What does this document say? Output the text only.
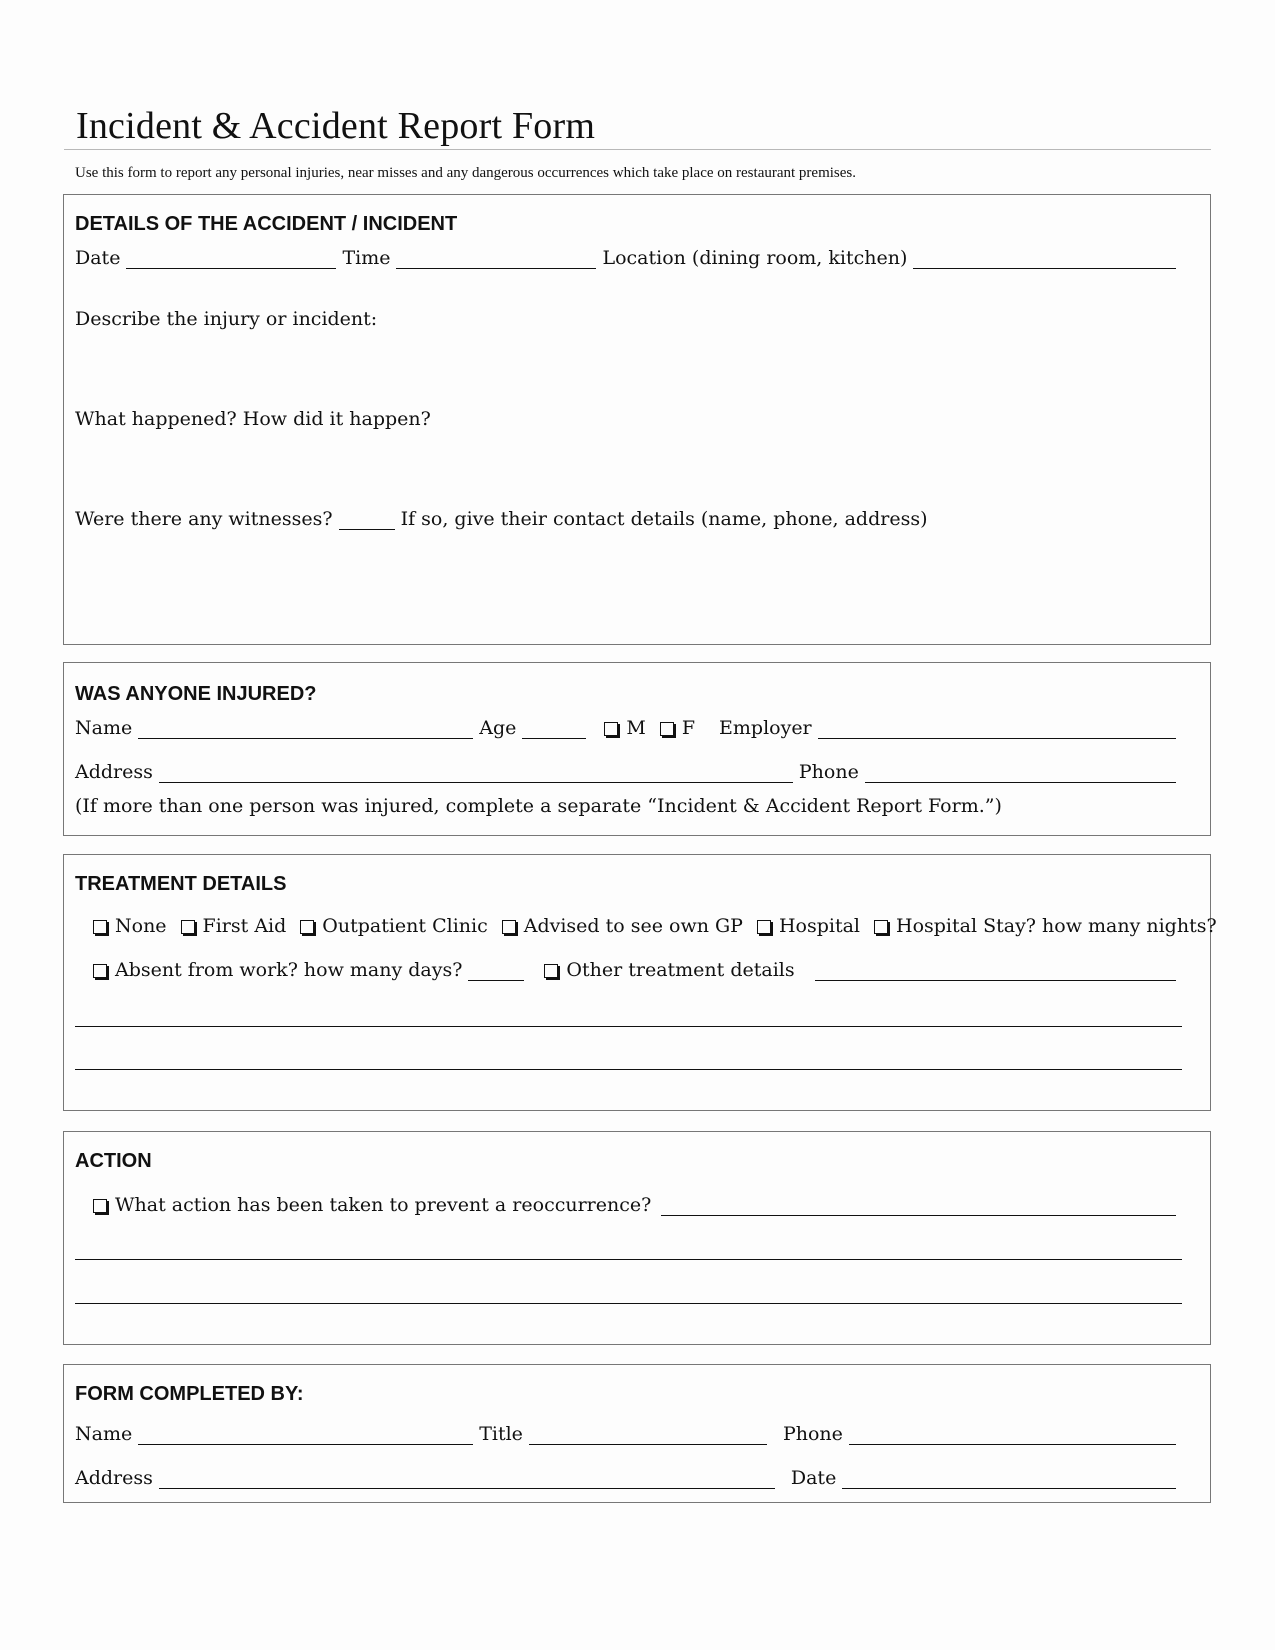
Incident & Accident Report Form
Use this form to report any personal injuries, near misses and any dangerous occurrences which take place on restaurant premises.
DETAILS OF THE ACCIDENT / INCIDENT
Date	Time	Location (dining room, kitchen)
Describe the injury or incident:
What happened? How did it happen?
Were there any witnesses?	If so, give their contact details (name, phone, address)
WAS ANYONE INJURED?
Name	Age	M F Employer
Address	Phone
(If more than one person was injured, complete a separate “Incident & Accident Report Form.”)
TREATMENT DETAILS
None First Aid Outpatient Clinic Advised to see own GP Hospital Hospital Stay? how many nights?
Absent from work? how many days?	Other treatment details
ACTION
What action has been taken to prevent a reoccurrence?
FORM COMPLETED BY:
Name	Title	Phone
Address	Date
